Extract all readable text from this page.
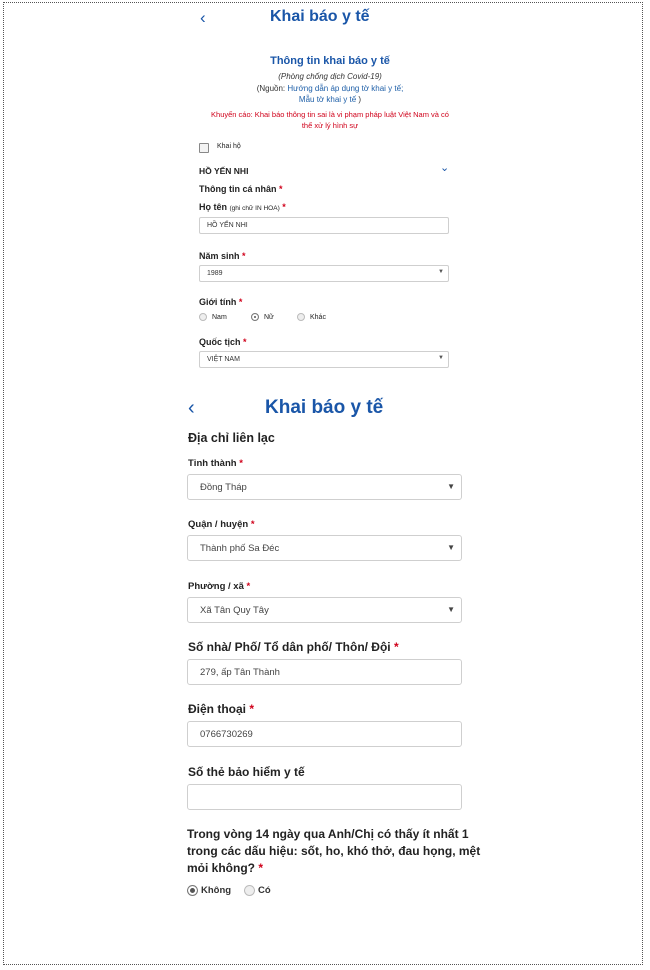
‹	Khai báo y tế
Thông tin khai báo y tế
(Phòng chống dịch Covid-19)
(Nguồn: Hướng dẫn áp dụng tờ khai y tế;
Mẫu tờ khai y tế )
Khuyến cáo: Khai báo thông tin sai là vi phạm pháp luật Việt Nam và có thể xử lý hình sự
Khai hộ
HỒ YẾN NHI	⌄
Thông tin cá nhân *
Họ tên (ghi chữ IN HOA) *
HỒ YẾN NHI
Năm sinh *
1989	▼
Giới tính *
Nam	Nữ	Khác
Quốc tịch *
VIỆT NAM	▼
‹	Khai báo y tế
Địa chỉ liên lạc
Tỉnh thành *
Đồng Tháp	▼
Quận / huyện *
Thành phố Sa Đéc	▼
Phường / xã *
Xã Tân Quy Tây	▼
Số nhà/ Phố/ Tổ dân phố/ Thôn/ Đội *
279, ấp Tân Thành
Điện thoại *
0766730269
Số thẻ bảo hiểm y tế
Trong vòng 14 ngày qua Anh/Chị có thấy ít nhất 1 trong các dấu hiệu: sốt, ho, khó thở, đau họng, mệt mỏi không? *
Không	Có
